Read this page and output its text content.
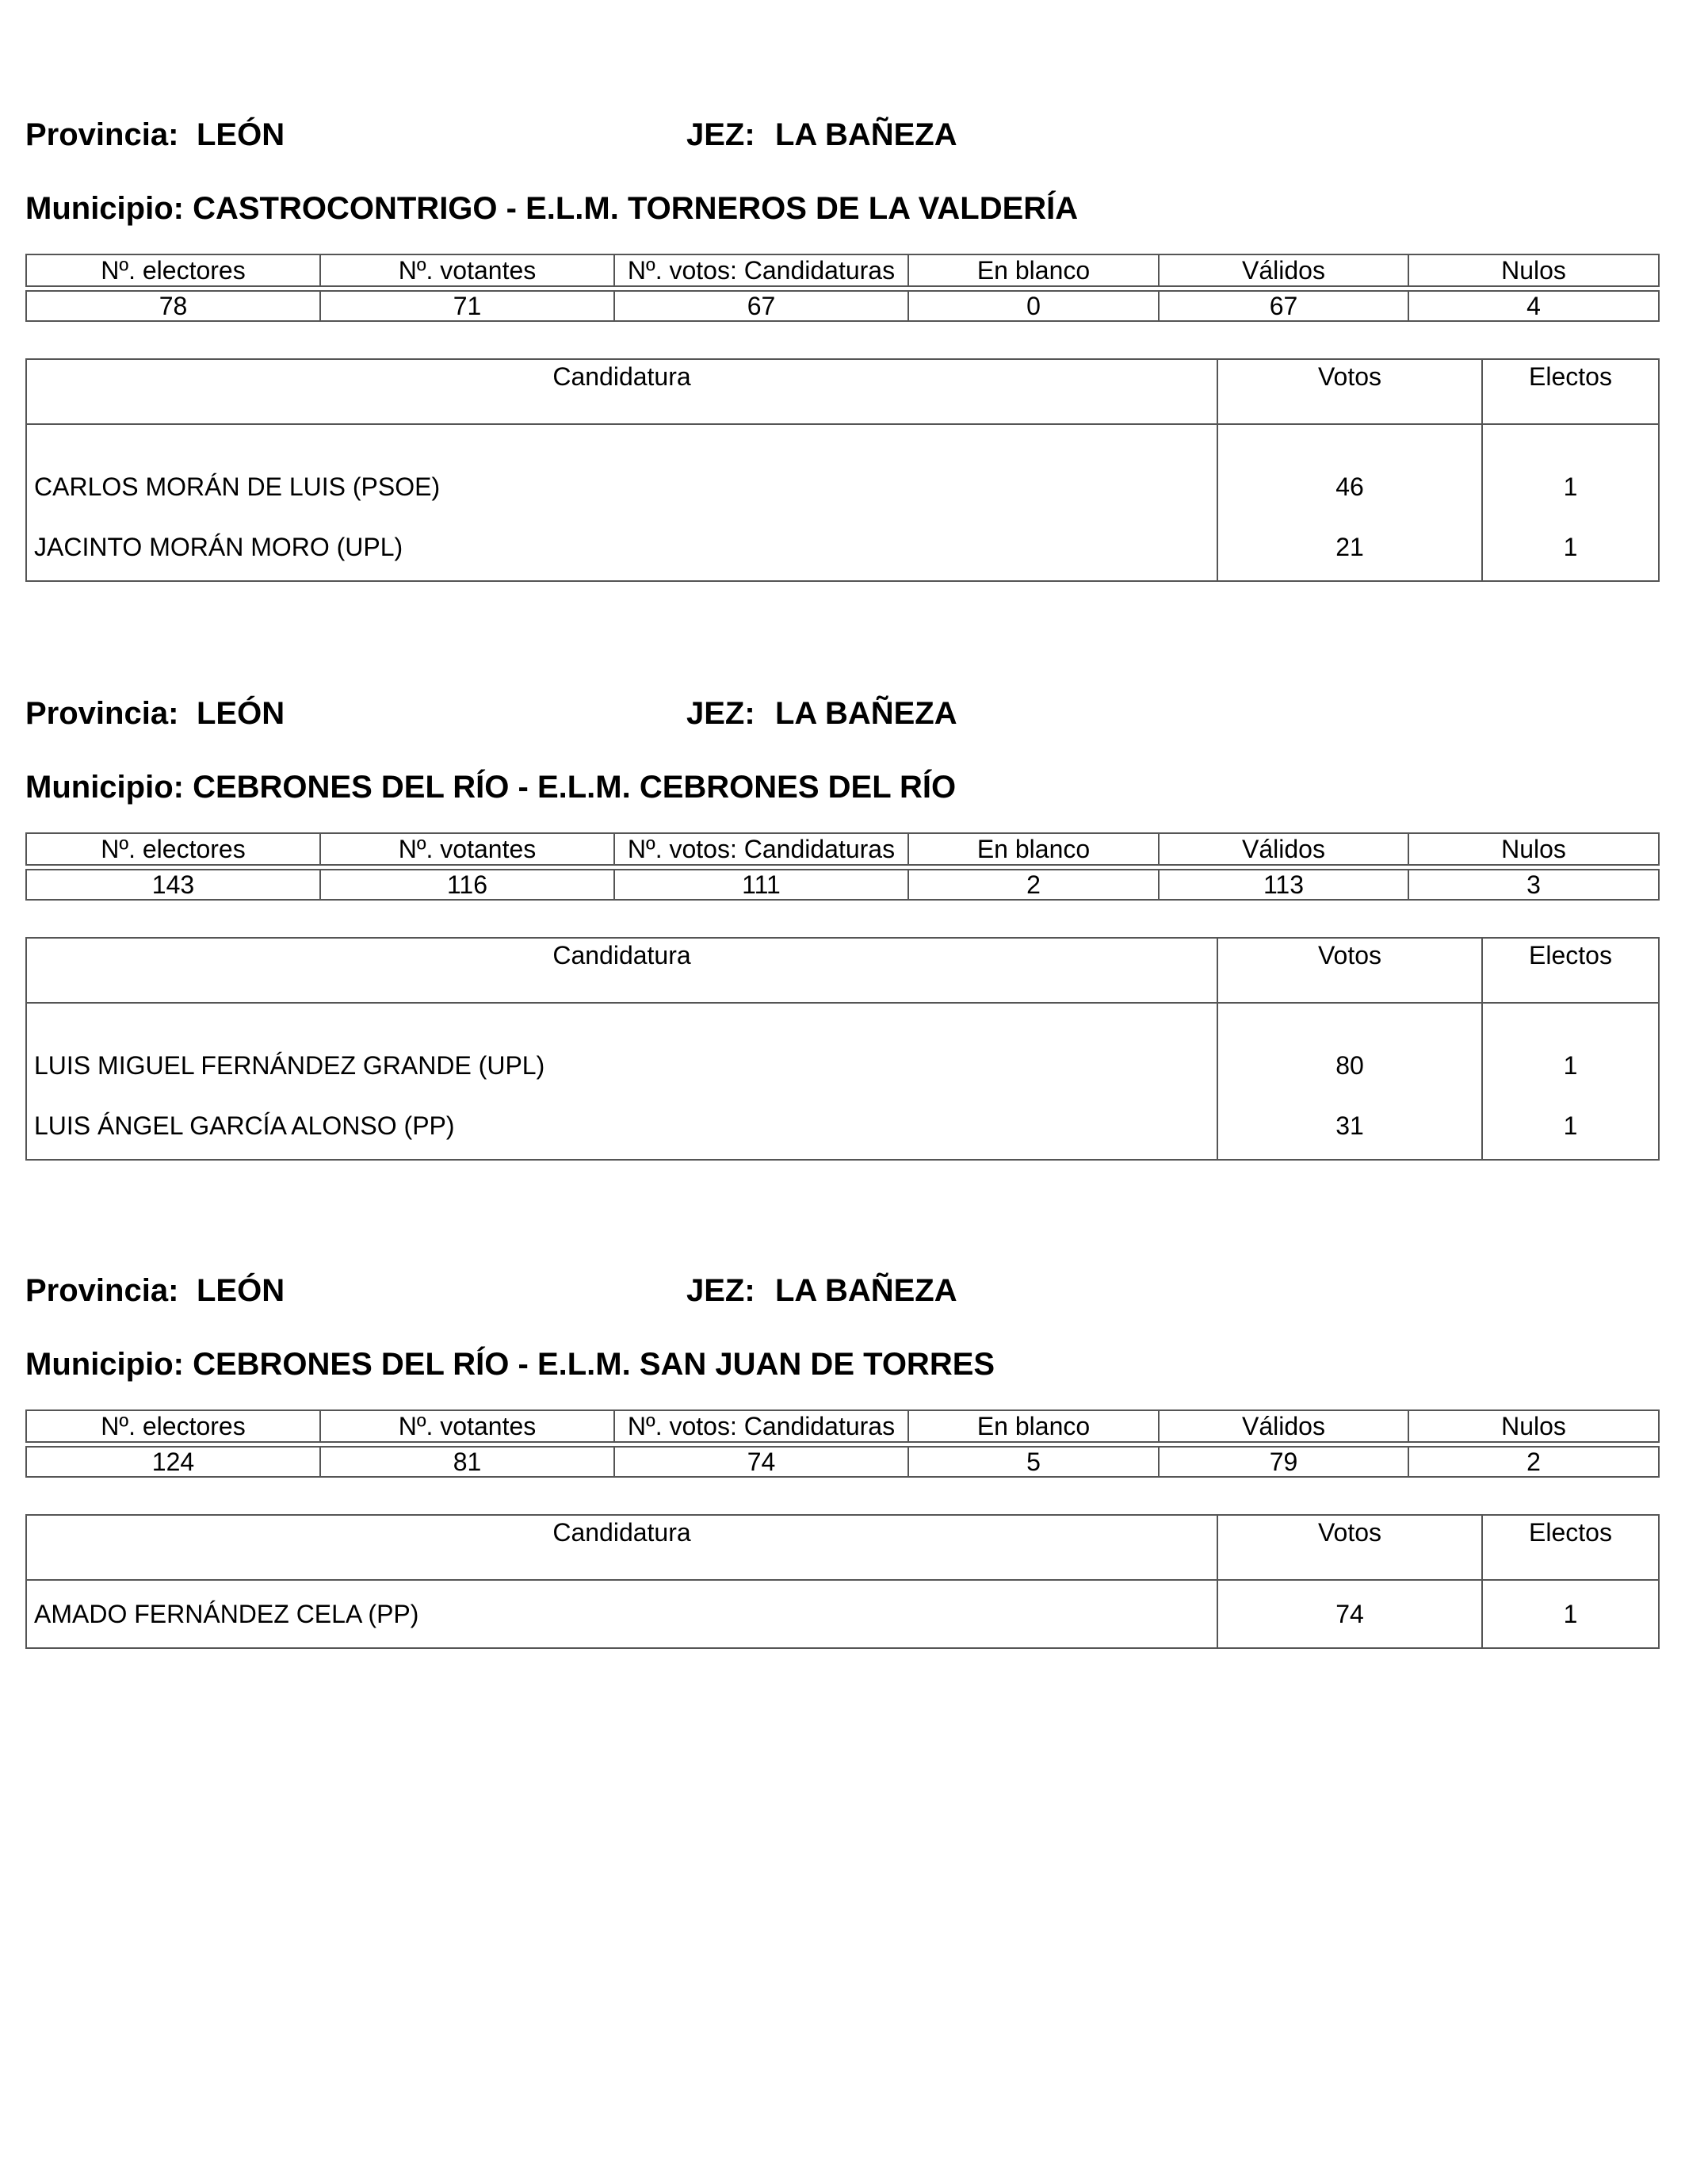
Provincia: LEÓN	JEZ: LA BAÑEZA
Municipio: CASTROCONTRIGO - E.L.M. TORNEROS DE LA VALDERÍA
Nº. electores	Nº. votantes	Nº. votos: Candidaturas	En blanco	Válidos	Nulos

78	71	67	0	67	4
Candidatura	Votos	Electos
CARLOS MORÁN DE LUIS (PSOE)	46	1
JACINTO MORÁN MORO (UPL)	21	1
Provincia: LEÓN	JEZ: LA BAÑEZA
Municipio: CEBRONES DEL RÍO - E.L.M. CEBRONES DEL RÍO
Nº. electores	Nº. votantes	Nº. votos: Candidaturas	En blanco	Válidos	Nulos

143	116	111	2	113	3
Candidatura	Votos	Electos
LUIS MIGUEL FERNÁNDEZ GRANDE (UPL)	80	1
LUIS ÁNGEL GARCÍA ALONSO (PP)	31	1
Provincia: LEÓN	JEZ: LA BAÑEZA
Municipio: CEBRONES DEL RÍO - E.L.M. SAN JUAN DE TORRES
Nº. electores	Nº. votantes	Nº. votos: Candidaturas	En blanco	Válidos	Nulos

124	81	74	5	79	2
Candidatura	Votos	Electos
AMADO FERNÁNDEZ CELA (PP)	74	1
